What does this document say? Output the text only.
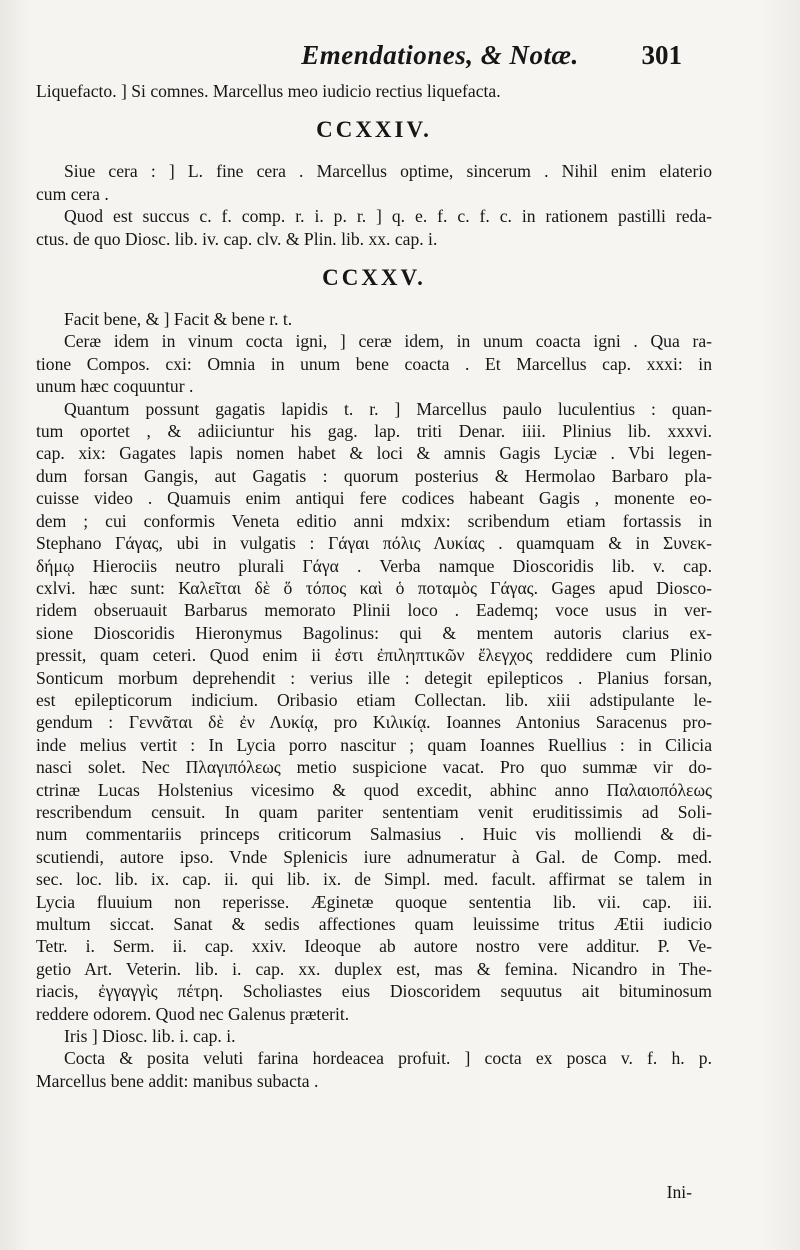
Emendationes, & Notæ.	301
Liquefacto. ] Si comnes. Marcellus meo iudicio rectius liquefacta.
CCXXIV.
Siue cera : ] L. fine cera . Marcellus optime, sincerum . Nihil enim elaterio
cum cera .
Quod est succus c. f. comp. r. i. p. r. ] q. e. f. c. f. c. in rationem pastilli reda-
ctus. de quo Diosc. lib. iv. cap. clv. & Plin. lib. xx. cap. i.
CCXXV.
Facit bene, & ] Facit & bene r. t.
Ceræ idem in vinum cocta igni, ] ceræ idem, in unum coacta igni . Qua ra-
tione Compos. cxi: Omnia in unum bene coacta . Et Marcellus cap. xxxi: in
unum hæc coquuntur .
Quantum possunt gagatis lapidis t. r. ] Marcellus paulo luculentius : quan-
tum oportet , & adiiciuntur his gag. lap. triti Denar. iiii. Plinius lib. xxxvi.
cap. xix: Gagates lapis nomen habet & loci & amnis Gagis Lyciæ . Vbi legen-
dum forsan Gangis, aut Gagatis : quorum posterius & Hermolao Barbaro pla-
cuisse video . Quamuis enim antiqui fere codices habeant Gagis , monente eo-
dem ; cui conformis Veneta editio anni mdxix: scribendum etiam fortassis in
Stephano Γάγας, ubi in vulgatis : Γάγαι πόλις Λυκίας . quamquam & in Συνεκ-
δήμῳ Hierociis neutro plurali Γάγα . Verba namque Dioscoridis lib. v. cap.
cxlvi. hæc sunt: Καλεῖται δὲ ὅ τόπος καὶ ὁ ποταμὸς Γάγας. Gages apud Diosco-
ridem obseruauit Barbarus memorato Plinii loco . Eademq; voce usus in ver-
sione Dioscoridis Hieronymus Bagolinus: qui & mentem autoris clarius ex-
pressit, quam ceteri. Quod enim ii ἐστι ἐπιληπτικῶν ἔλεγχος reddidere cum Plinio
Sonticum morbum deprehendit : verius ille : detegit epilepticos . Planius forsan,
est epilepticorum indicium. Oribasio etiam Collectan. lib. xiii adstipulante le-
gendum : Γεννᾶται δὲ ἐν Λυκίᾳ, pro Κιλικίᾳ. Ioannes Antonius Saracenus pro-
inde melius vertit : In Lycia porro nascitur ; quam Ioannes Ruellius : in Cilicia
nasci solet. Nec Πλαγιπόλεως metio suspicione vacat. Pro quo summæ vir do-
ctrinæ Lucas Holstenius vicesimo & quod excedit, abhinc anno Παλαιοπόλεως
rescribendum censuit. In quam pariter sententiam venit eruditissimis ad Soli-
num commentariis princeps criticorum Salmasius . Huic vis molliendi & di-
scutiendi, autore ipso. Vnde Splenicis iure adnumeratur à Gal. de Comp. med.
sec. loc. lib. ix. cap. ii. qui lib. ix. de Simpl. med. facult. affirmat se talem in
Lycia fluuium non reperisse. Æginetæ quoque sententia lib. vii. cap. iii.
multum siccat. Sanat & sedis affectiones quam leuissime tritus Ætii iudicio
Tetr. i. Serm. ii. cap. xxiv. Ideoque ab autore nostro vere additur. P. Ve-
getio Art. Veterin. lib. i. cap. xx. duplex est, mas & femina. Nicandro in The-
riacis, ἐγγαγγὶς πέτρη. Scholiastes eius Dioscoridem sequutus ait bituminosum
reddere odorem. Quod nec Galenus præterit.
Iris ] Diosc. lib. i. cap. i.
Cocta & posita veluti farina hordeacea profuit. ] cocta ex posca v. f. h. p.
Marcellus bene addit: manibus subacta .
Ini-
